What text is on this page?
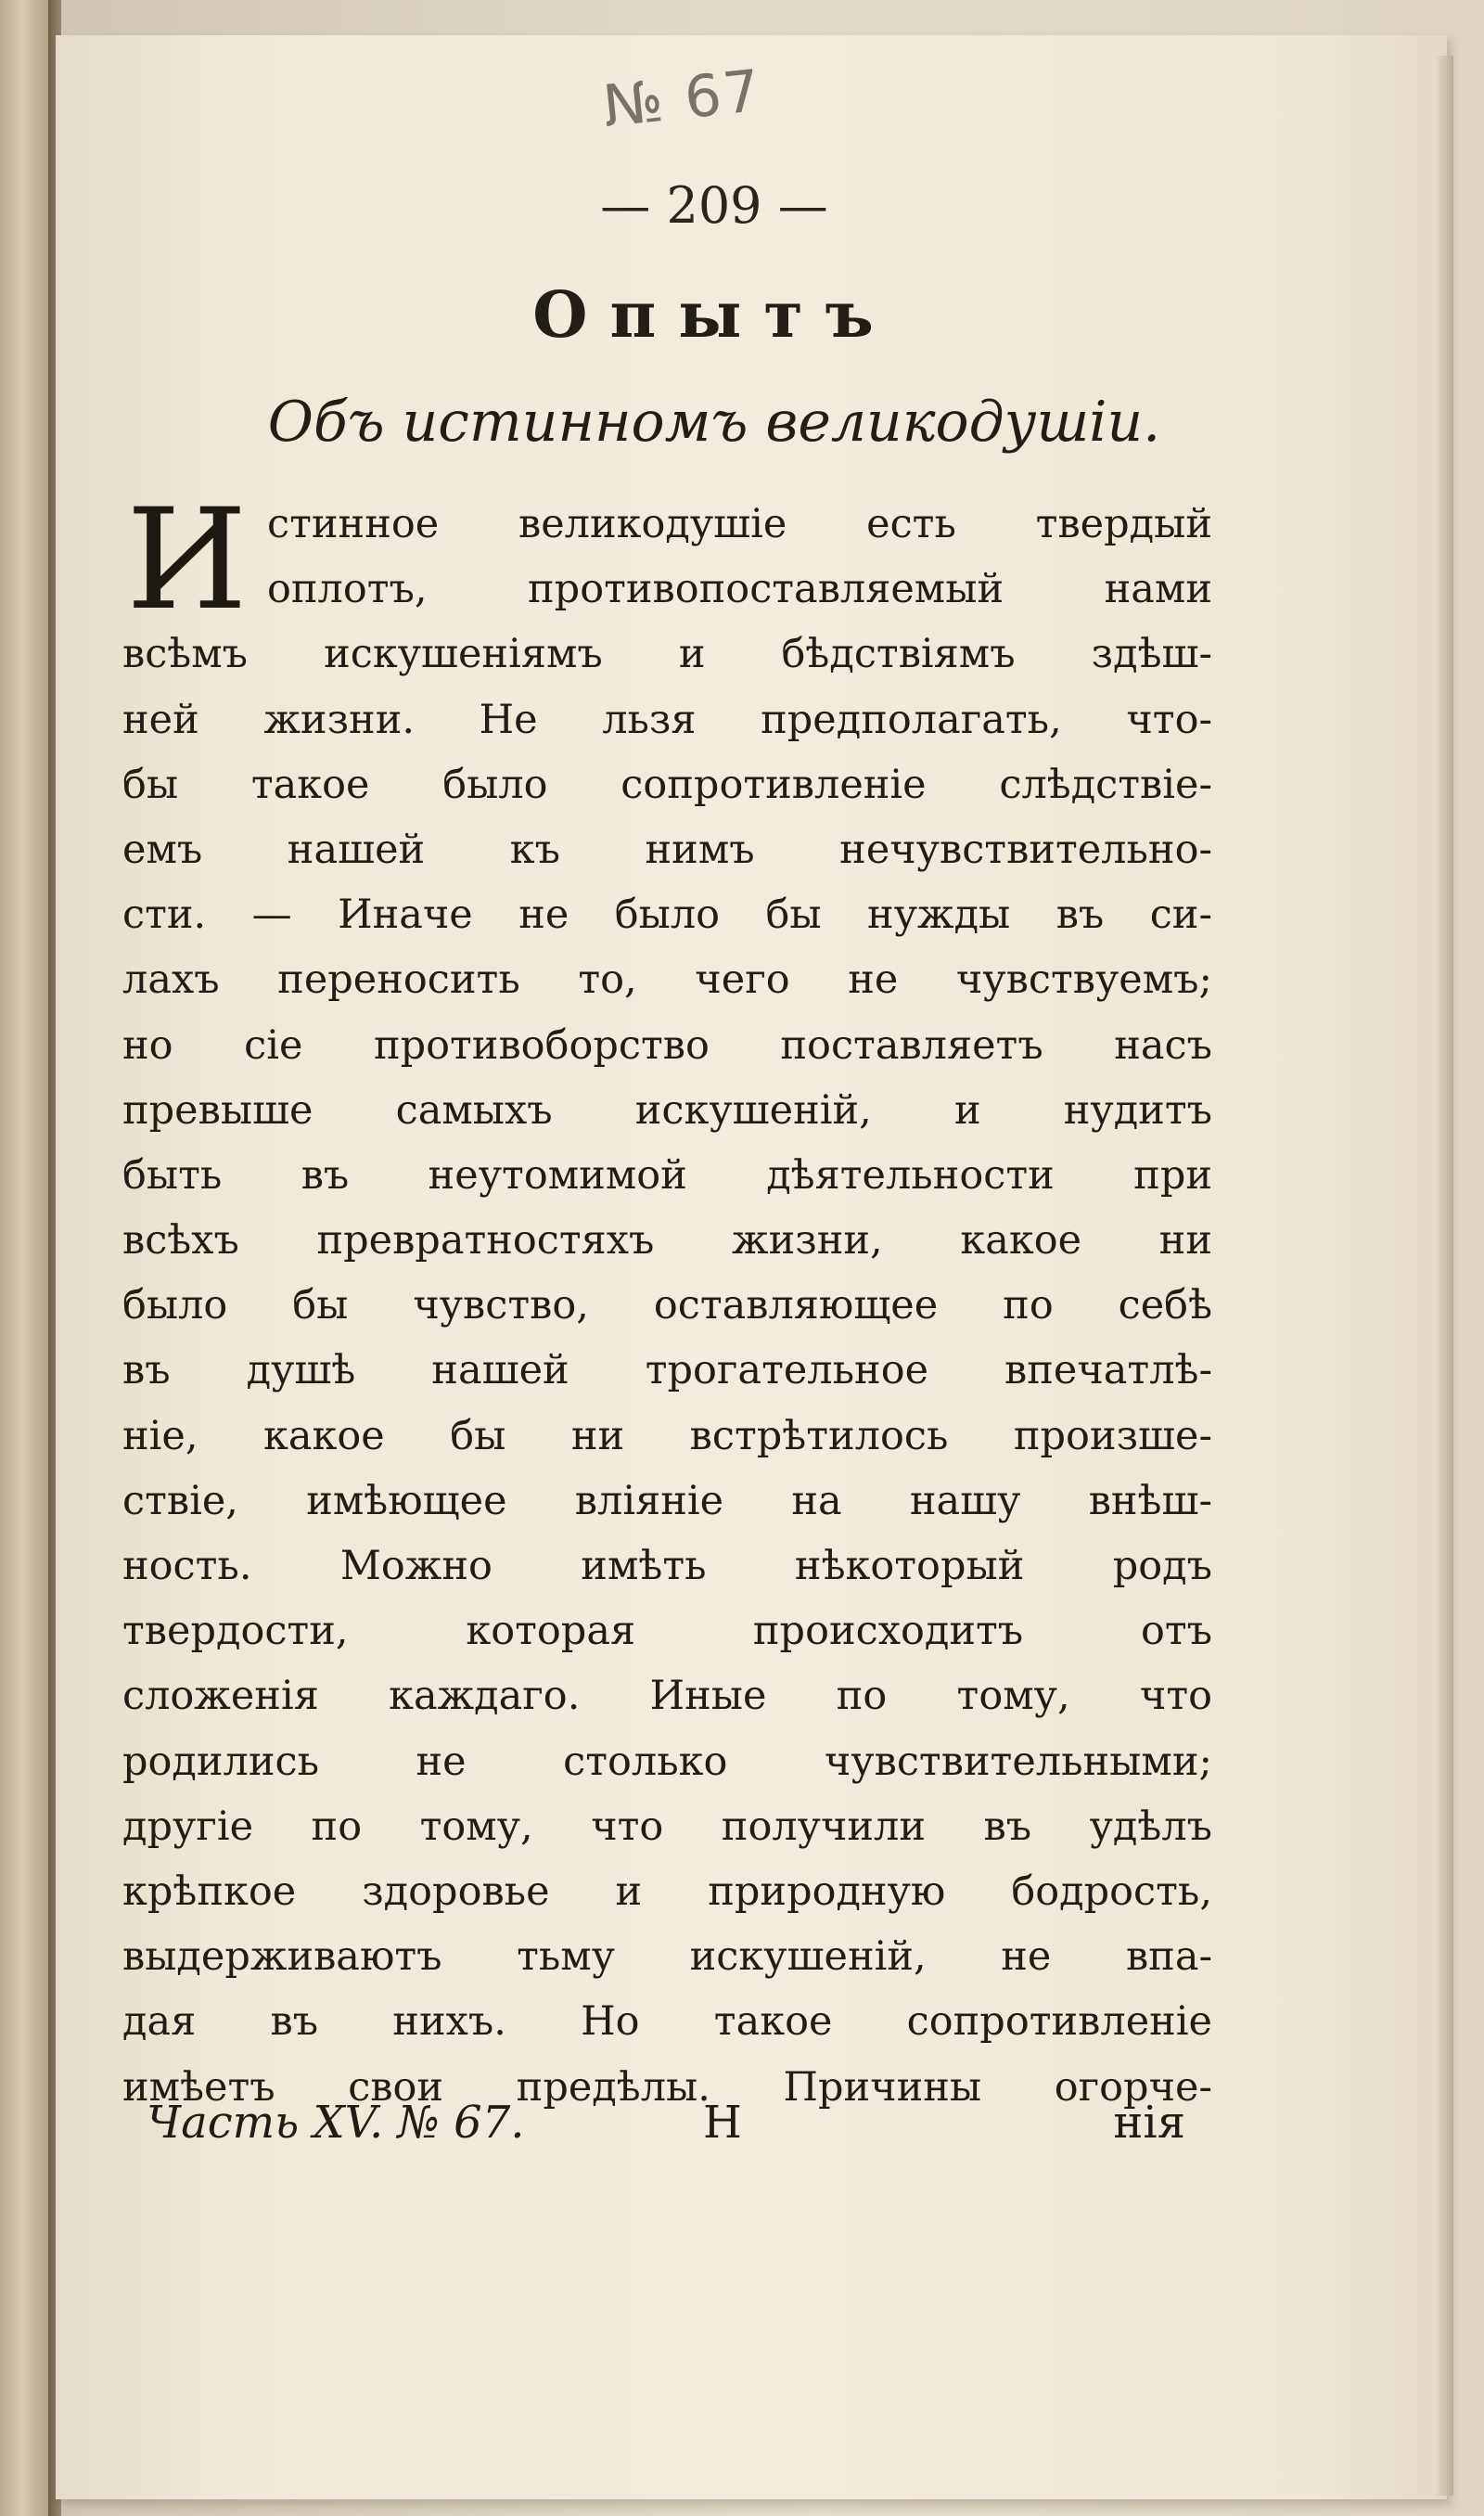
№ 67
— 209 —
Опытъ
Объ истинномъ великодушіи.
И стинное великодушіе есть твердый
оплотъ, противопоставляемый нами
всѣмъ искушеніямъ и бѣдствіямъ здѣш-
ней жизни. Не льзя предполагать, что-
бы такое было сопротивленіе слѣдствіе-
емъ нашей къ нимъ нечувствительно-
сти. — Иначе не было бы нужды въ си-
лахъ переносить то, чего не чувствуемъ;
но сіе противоборство поставляетъ насъ
превыше самыхъ искушеній, и нудитъ
быть въ неутомимой дѣятельности при
всѣхъ превратностяхъ жизни, какое ни
было бы чувство, оставляющее по себѣ
въ душѣ нашей трогательное впечатлѣ-
ніе, какое бы ни встрѣтилось произше-
ствіе, имѣющее вліяніе на нашу внѣш-
ность. Можно имѣть нѣкоторый родъ
твердости, которая происходитъ отъ
сложенія каждаго. Иные по тому, что
родились не столько чувствительными;
другіе по тому, что получили въ удѣлъ
крѣпкое здоровье и природную бодрость,
выдерживаютъ тьму искушеній, не впа-
дая въ нихъ. Но такое сопротивленіе
имѣетъ свои предѣлы. Причины огорче-
Часть XV. № 67.	Н	нія
